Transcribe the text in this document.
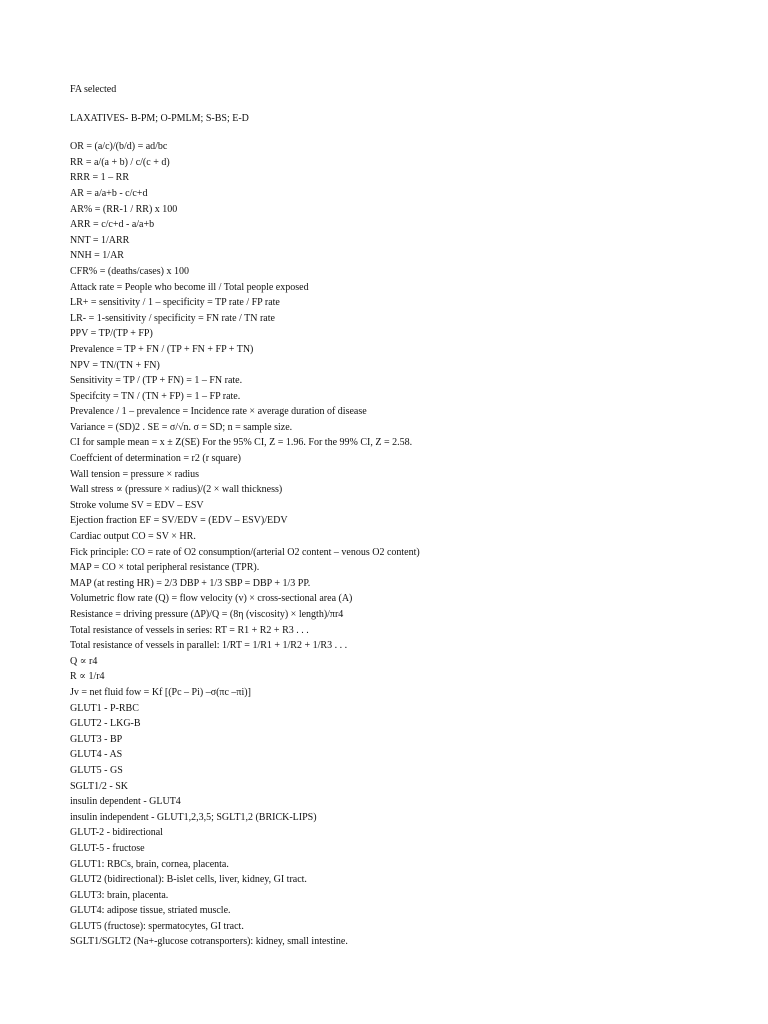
FA selected
LAXATIVES- B-PM; O-PMLM; S-BS; E-D
OR = (a/c)/(b/d) = ad/bc
RR = a/(a + b) / c/(c + d)
RRR = 1 – RR
AR = a/a+b - c/c+d
AR% = (RR-1 / RR) x 100
ARR = c/c+d - a/a+b
NNT = 1/ARR
NNH = 1/AR
CFR% = (deaths/cases) x 100
Attack rate = People who become ill / Total people exposed
LR+ = sensitivity / 1 – specificity = TP rate / FP rate
LR- = 1-sensitivity / specificity = FN rate / TN rate
PPV = TP/(TP + FP)
Prevalence = TP + FN / (TP + FN + FP + TN)
NPV = TN/(TN + FN)
Sensitivity = TP / (TP + FN) = 1 – FN rate.
Specifcity = TN / (TN + FP) = 1 – FP rate.
Prevalence / 1 – prevalence = Incidence rate × average duration of disease
Variance = (SD)2 . SE = σ/√n. σ = SD; n = sample size.
CI for sample mean = x ± Z(SE) For the 95% CI, Z = 1.96. For the 99% CI, Z = 2.58.
Coeffcient of determination = r2 (r square)
Wall tension = pressure × radius
Wall stress ∝ (pressure × radius)/(2 × wall thickness)
Stroke volume SV = EDV – ESV
Ejection fraction EF = SV/EDV = (EDV – ESV)/EDV
Cardiac output CO = SV × HR.
Fick principle: CO = rate of O2 consumption/(arterial O2 content – venous O2 content)
MAP = CO × total peripheral resistance (TPR).
MAP (at resting HR) = 2/3 DBP + 1/3 SBP = DBP + 1/3 PP.
Volumetric flow rate (Q) = flow velocity (v) × cross-sectional area (A)
Resistance = driving pressure (ΔP)/Q = (8η (viscosity) × length)/πr4
Total resistance of vessels in series: RT = R1 + R2 + R3 . . .
Total resistance of vessels in parallel: 1/RT = 1/R1 + 1/R2 + 1/R3 . . .
Q ∝ r4
R ∝ 1/r4
Jv = net fluid fow = Kf [(Pc – Pi) –σ(πc –πi)]
GLUT1 - P-RBC
GLUT2 - LKG-B
GLUT3 - BP
GLUT4 - AS
GLUT5 - GS
SGLT1/2 - SK
insulin dependent - GLUT4
insulin independent - GLUT1,2,3,5; SGLT1,2 (BRICK-LIPS)
GLUT-2 - bidirectional
GLUT-5 - fructose
GLUT1: RBCs, brain, cornea, placenta.
GLUT2 (bidirectional): B-islet cells, liver, kidney, GI tract.
GLUT3: brain, placenta.
GLUT4: adipose tissue, striated muscle.
GLUT5 (fructose): spermatocytes, GI tract.
SGLT1/SGLT2 (Na+-glucose cotransporters): kidney, small intestine.
